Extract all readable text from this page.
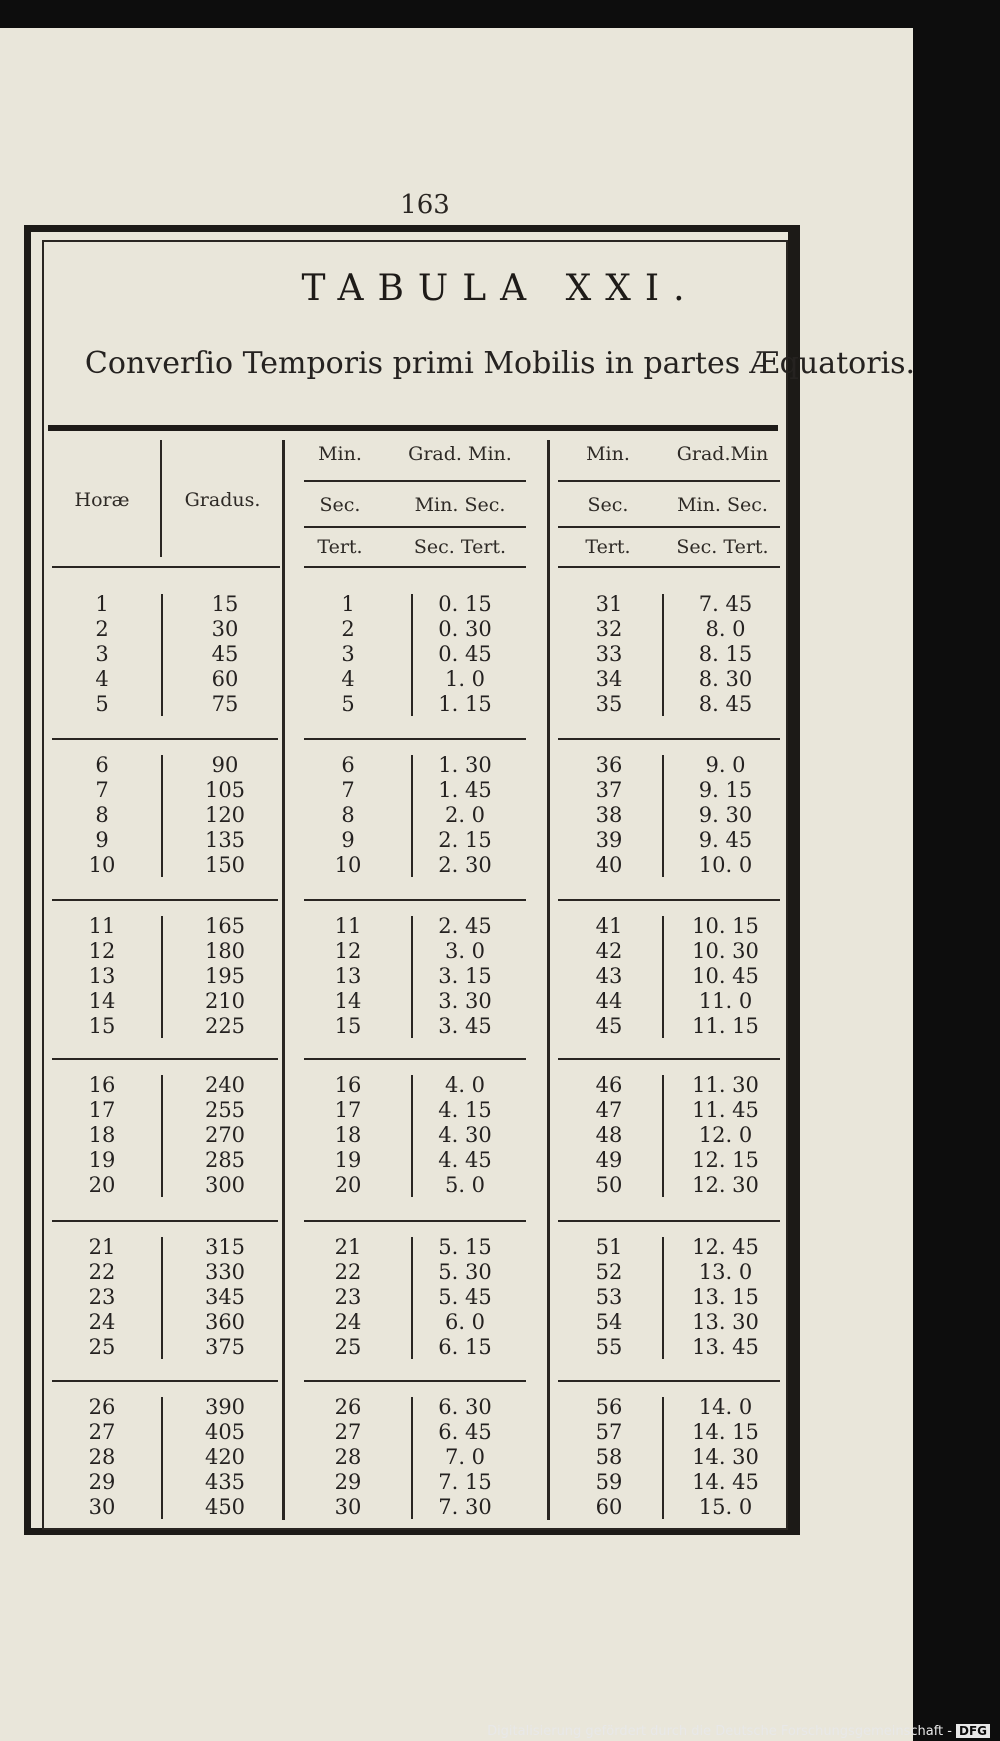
163
TABULA XXI.
Converſio Temporis primi Mobilis in partes Æquatoris.
Horæ	Gradus.
Min.	Grad. Min.
Sec.	Min. Sec.
Tert.	Sec. Tert.
Min.	Grad.Min
Sec.	Min. Sec.
Tert.	Sec. Tert.
1	15	1	0. 15	31	7. 45
2	30	2	0. 30	32	8. 0
3	45	3	0. 45	33	8. 15
4	60	4	1. 0	34	8. 30
5	75	5	1. 15	35	8. 45
6	90	6	1. 30	36	9. 0
7	105	7	1. 45	37	9. 15
8	120	8	2. 0	38	9. 30
9	135	9	2. 15	39	9. 45
10	150	10	2. 30	40	10. 0
11	165	11	2. 45	41	10. 15
12	180	12	3. 0	42	10. 30
13	195	13	3. 15	43	10. 45
14	210	14	3. 30	44	11. 0
15	225	15	3. 45	45	11. 15
16	240	16	4. 0	46	11. 30
17	255	17	4. 15	47	11. 45
18	270	18	4. 30	48	12. 0
19	285	19	4. 45	49	12. 15
20	300	20	5. 0	50	12. 30
21	315	21	5. 15	51	12. 45
22	330	22	5. 30	52	13. 0
23	345	23	5. 45	53	13. 15
24	360	24	6. 0	54	13. 30
25	375	25	6. 15	55	13. 45
26	390	26	6. 30	56	14. 0
27	405	27	6. 45	57	14. 15
28	420	28	7. 0	58	14. 30
29	435	29	7. 15	59	14. 45
30	450	30	7. 30	60	15. 0
Digitalisierung gefördert durch die Deutsche Forschungsgemeinschaft - DFG
